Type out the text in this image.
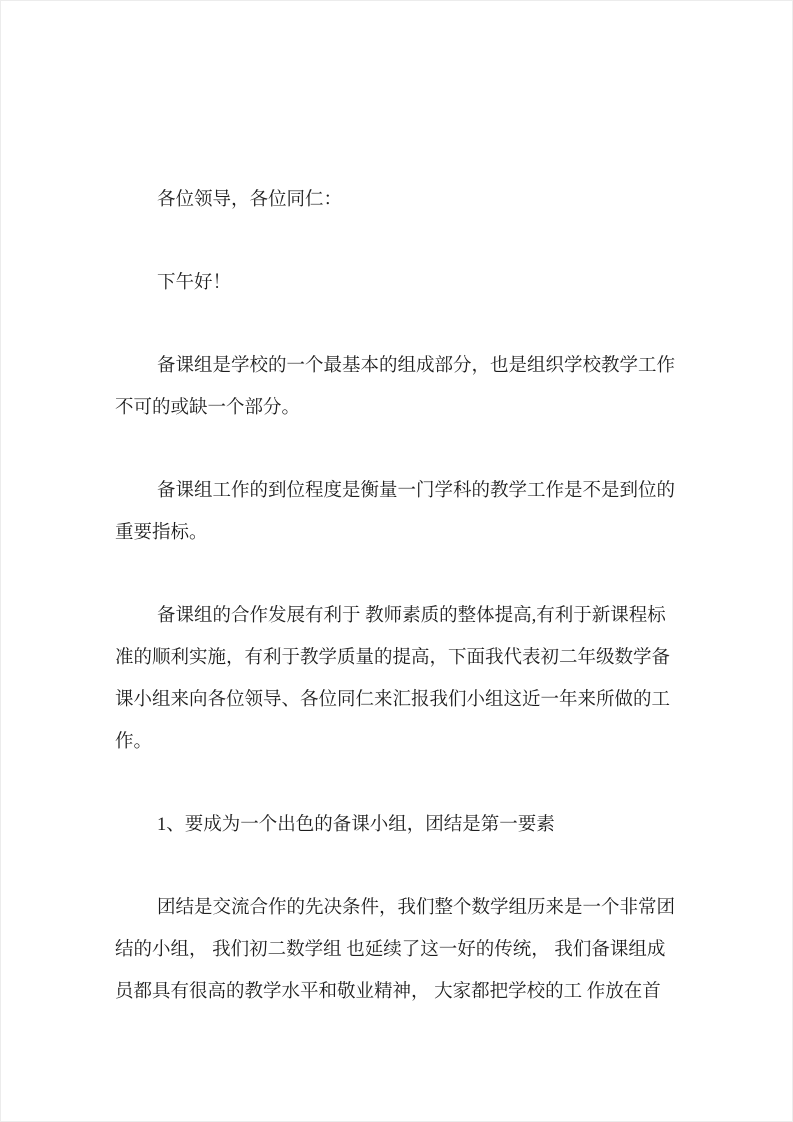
各位领导，各位同仁：
下午好！
备课组是学校的一个最基本的组成部分，也是组织学校教学工作
不可的或缺一个部分。
备课组工作的到位程度是衡量一门学科的教学工作是不是到位的
重要指标。
备课组的合作发展有利于 教师素质的整体提高,有利于新课程标
准的顺利实施，有利于教学质量的提高，下面我代表初二年级数学备
课小组来向各位领导、各位同仁来汇报我们小组这近一年来所做的工
作。
1、要成为一个出色的备课小组，团结是第一要素
团结是交流合作的先决条件，我们整个数学组历来是一个非常团
结的小组， 我们初二数学组 也延续了这一好的传统， 我们备课组成
员都具有很高的教学水平和敬业精神， 大家都把学校的工 作放在首
